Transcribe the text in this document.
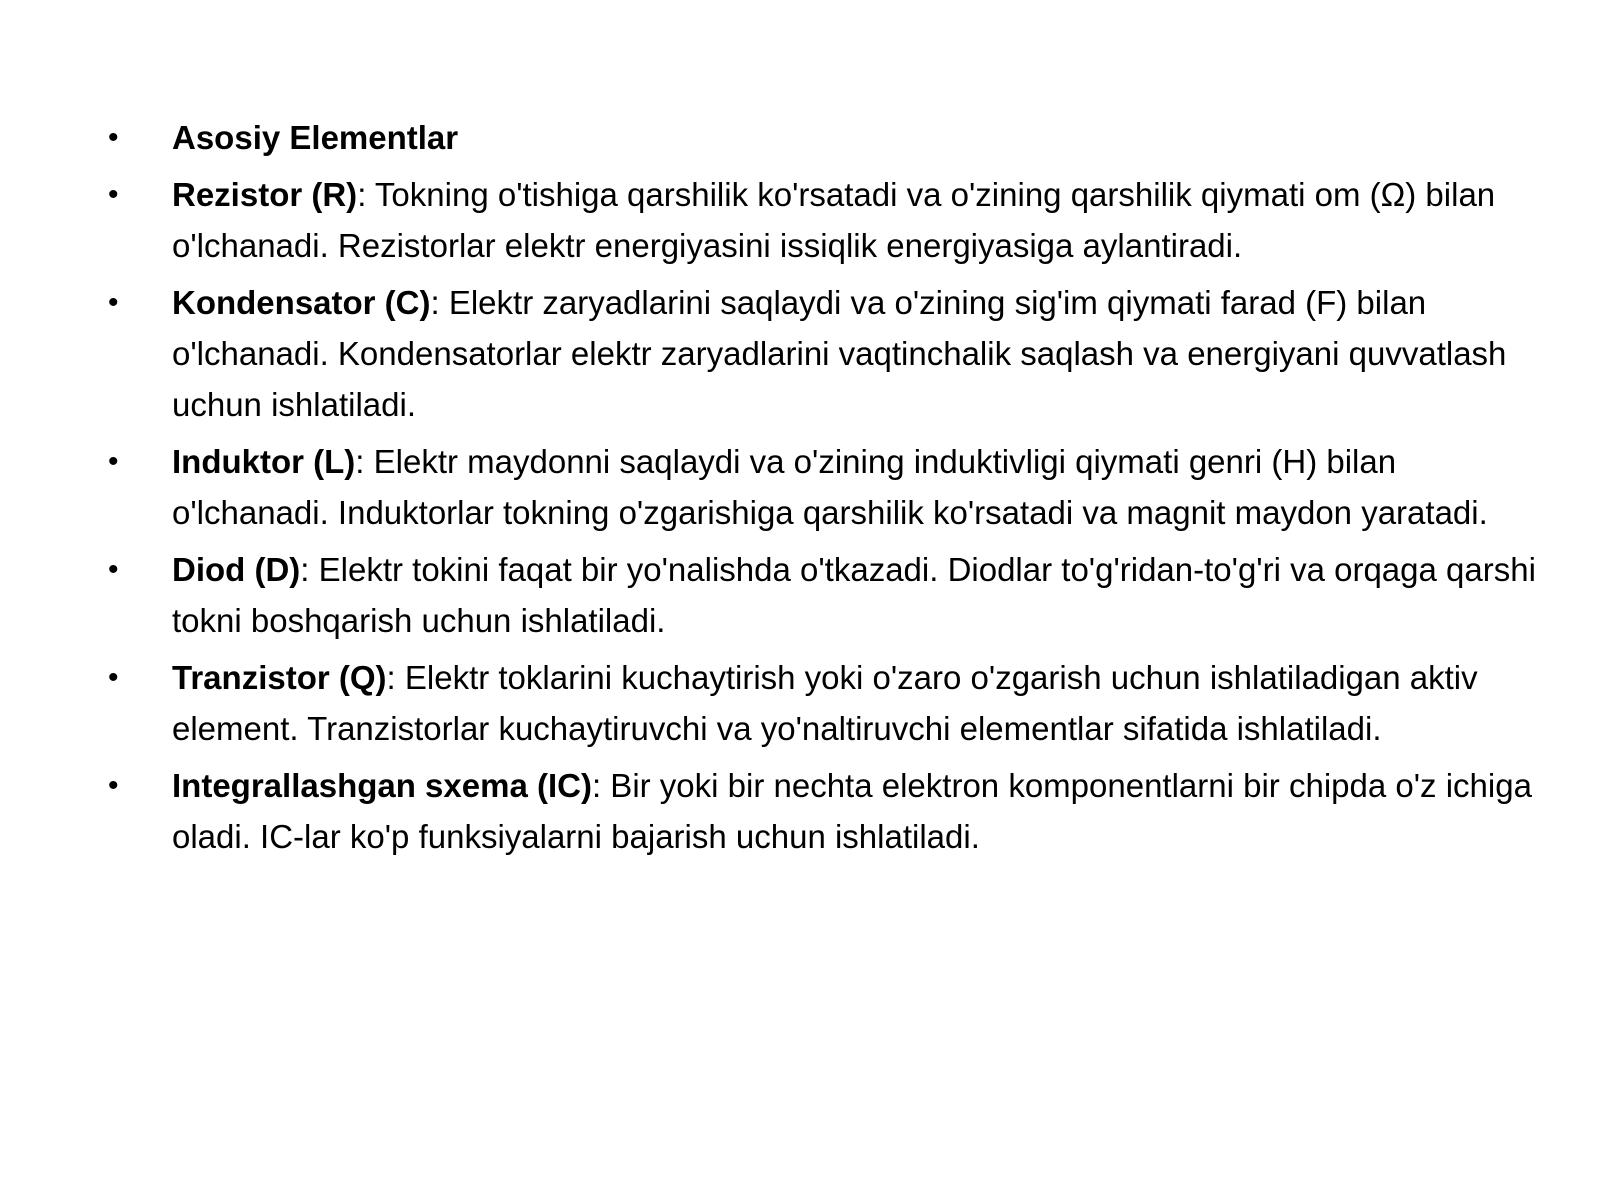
•	Asosiy Elementlar
•	Rezistor (R): Tokning o'tishiga qarshilik ko'rsatadi va o'zining qarshilik qiymati om (Ω) bilan o'lchanadi. Rezistorlar elektr energiyasini issiqlik energiyasiga aylantiradi.
•	Kondensator (C): Elektr zaryadlarini saqlaydi va o'zining sig'im qiymati farad (F) bilan o'lchanadi. Kondensatorlar elektr zaryadlarini vaqtinchalik saqlash va energiyani quvvatlash uchun ishlatiladi.
•	Induktor (L): Elektr maydonni saqlaydi va o'zining induktivligi qiymati genri (H) bilan o'lchanadi. Induktorlar tokning o'zgarishiga qarshilik ko'rsatadi va magnit maydon yaratadi.
•	Diod (D): Elektr tokini faqat bir yo'nalishda o'tkazadi. Diodlar to'g'ridan-to'g'ri va orqaga qarshi tokni boshqarish uchun ishlatiladi.
•	Tranzistor (Q): Elektr toklarini kuchaytirish yoki o'zaro o'zgarish uchun ishlatiladigan aktiv element. Tranzistorlar kuchaytiruvchi va yo'naltiruvchi elementlar sifatida ishlatiladi.
•	Integrallashgan sxema (IC): Bir yoki bir nechta elektron komponentlarni bir chipda o'z ichiga oladi. IC-lar ko'p funksiyalarni bajarish uchun ishlatiladi.
